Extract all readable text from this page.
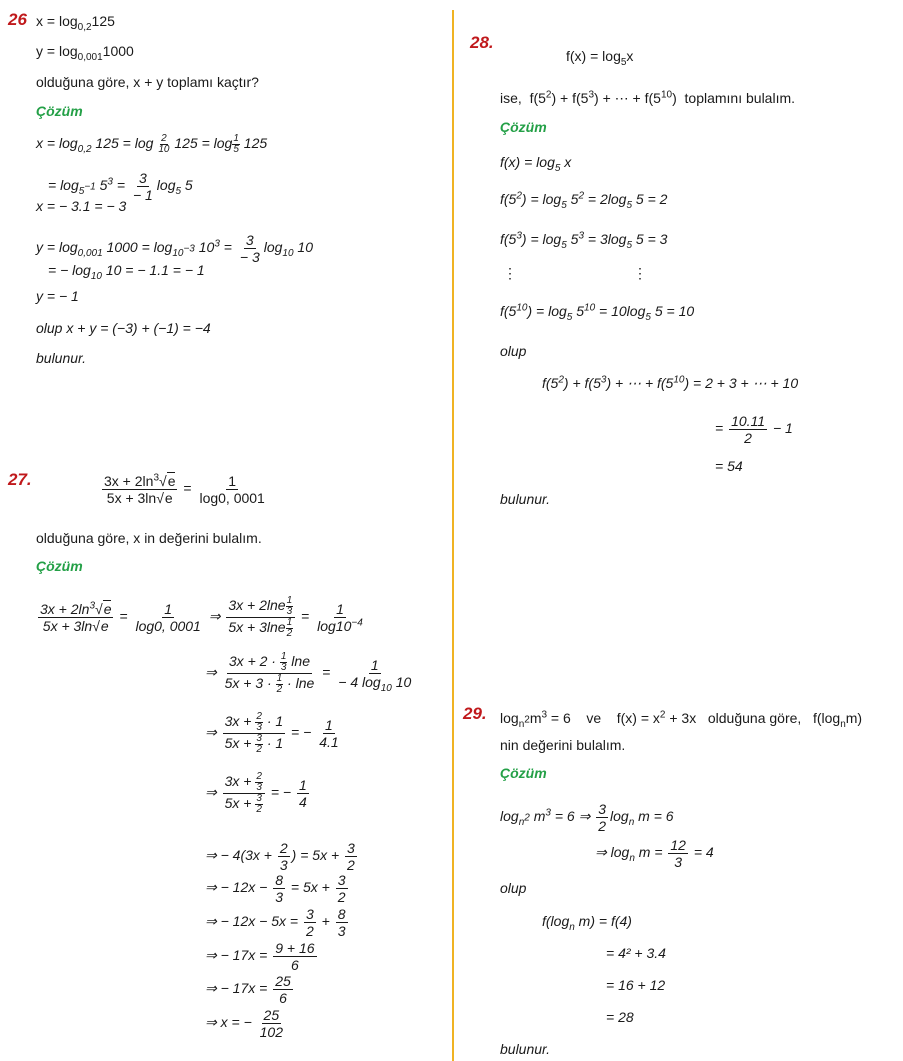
26 $x = \log_{0,2}125$
$y = \log_{0,001}1000$
olduğuna göre, x + y toplamı kaçtır?
Çözüm
$x = \log_{0,2} 125 = \log \frac{2}{10} 125 = \log \frac{1}{5} 125$
= $\log_{5^{-1}} 5^3 = \frac{3}{- 1} \log_5 5$
x = − 3.1 = − 3
$y = \log_{0,001} 1000 = \log_{10^{-3}} 10^3 = \frac{3}{- 3} \log_{10} 10$
= − $\log_{10} 10$ = − 1.1 = − 1
y = − 1
olup x + y = (−3) + (−1) = −4
bulunur.
27.	$\frac{3x + 2\ln^3√e}{5x + 3\ln√e} = \frac{1}{\log 0, 0001}$
olduğuna göre, x in değerini bulalım.
Çözüm
$\frac{3x + 2\ln^3√e}{5x + 3\ln√e} = \frac{1}{\log 0, 0001}$ ⇒ $\frac{3x + 2\ln e \frac{1}{3}}{5x + 3\ln e \frac{1}{2}} = \frac{1}{\log 10^{-4}}$
⇒ $\frac{3x + 2 \cdot \frac{1}{3} \ln e}{5x + 3 \cdot \frac{1}{2} \cdot \ln e} = \frac{1}{- 4 \log_{10} 10}$
⇒ $\frac{3x + \frac{2}{3} \cdot 1}{5x + \frac{3}{2} \cdot 1}$ = − $\frac{1}{4.1}$
⇒ $\frac{3x + \frac{2}{3}}{5x + \frac{3}{2}}$ = − $\frac{1}{4}$
⇒ − $4(3x + \frac{2}{3}$ ) = $5x + \frac{3}{2}$
⇒ − $12x - \frac{8}{3} = 5x + \frac{3}{2}$
⇒ − $12x - 5x = \frac{3}{2} + \frac{8}{3}$
⇒ − $17x = \frac{9 + 16}{6}$
⇒ − $17x = \frac{25}{6}$
⇒ x = − $\frac{25}{102}$
28.
$f(x) = \log_5x$
ise,  $f(5^2) + f(5^3)$ + ⋯ + $f(5^{10})$  toplamını bulalım.
Çözüm
$f(x) = \log_5 x$
$f(5^2) = \log_5 5^2 = 2\log_5$ 5 = 2
$f(5^3) = \log_5 5^3 = 3\log_5$ 5 = 3
⋮	⋮
$f(5^{10}) = \log_5 5^{10} = 10\log_5$ 5 = 10
olup
$f(5^2) + f(5^3)$ + ⋯ + $f(5^{10}) = 2 + 3$ + ⋯ + 10
= $\frac{10.11}{2} - 1$
= 54
bulunur.
29. $\log_{n^2}m^3 = 6$    ve    $f(x) = x^2 + 3x$   olduğuna göre,   $f(\log_nm)$
nin değerini bulalım.
Çözüm
$\log_{n^2} m^3 = 6$ ⇒ $\frac{3}{2} \log_n m = 6$
⇒ $\log_n m = \frac{12}{3} = 4$
olup
$f(\log_n$ m) = f(4)
= 4² + 3.4
= 16 + 12
= 28
bulunur.
